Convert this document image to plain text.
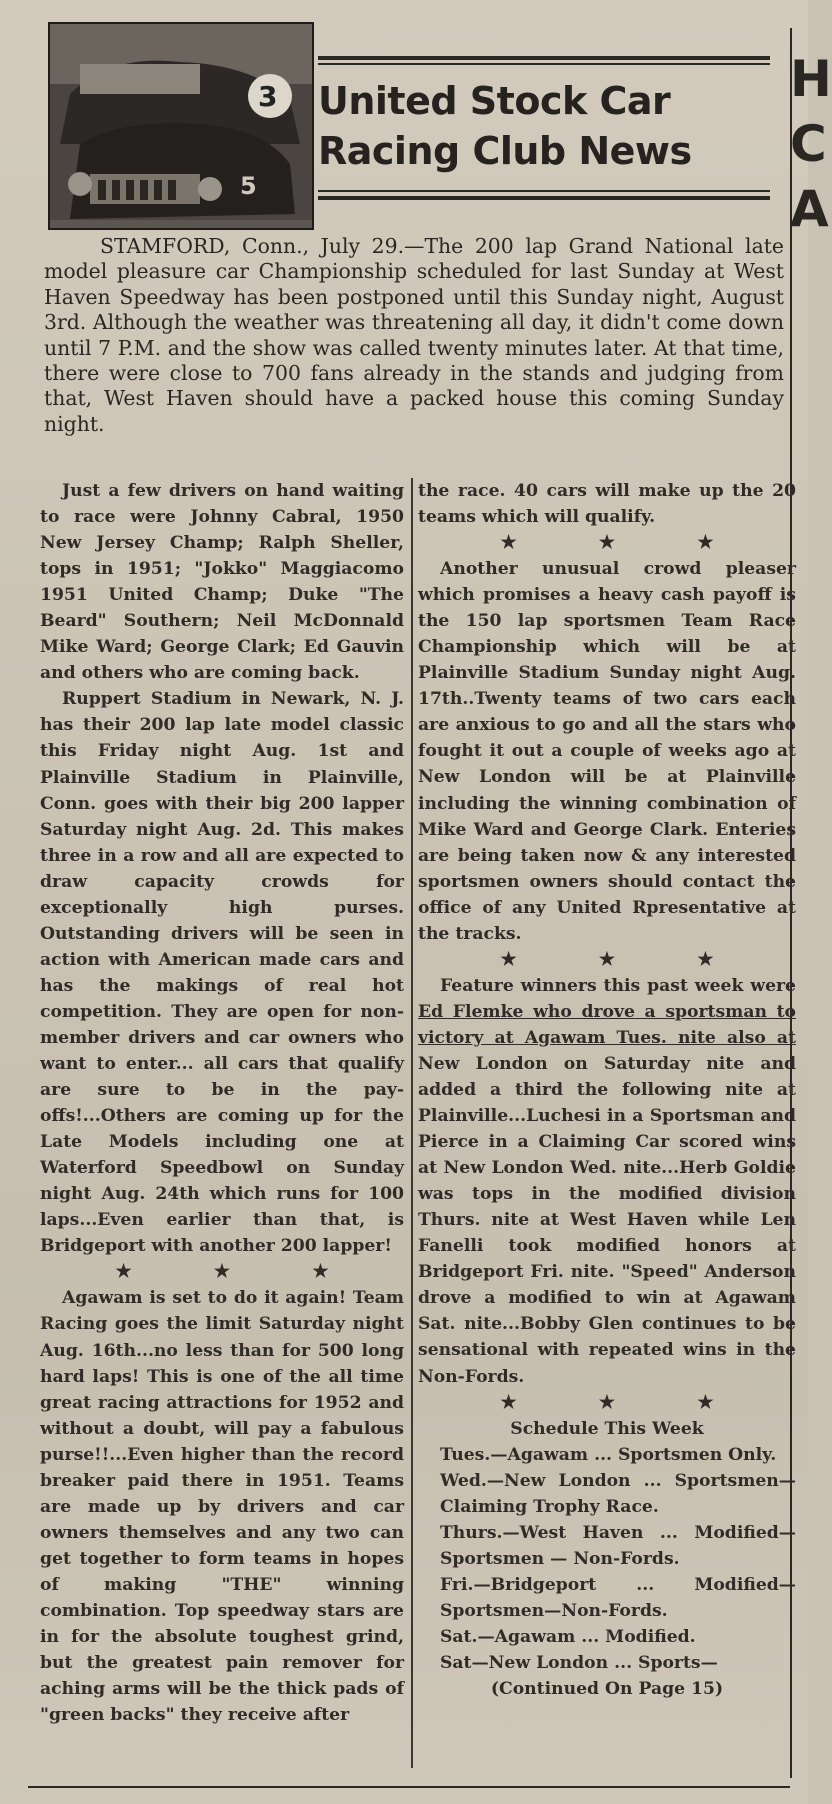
3
5
United Stock Car
Racing Club News
H
C
A

STAMFORD, Conn., July 29.—The 200 lap Grand National late model pleasure car Championship scheduled for last Sunday at West Haven Speedway has been postponed until this Sunday night, August 3rd. Although the weather was threatening all day, it didn't come down until 7 P.M. and the show was called twenty minutes later. At that time, there were close to 700 fans already in the stands and judging from that, West Haven should have a packed house this coming Sunday night.

Just a few drivers on hand waiting to race were Johnny Cabral, 1950 New Jersey Champ; Ralph Sheller, tops in 1951; "Jokko" Maggiacomo 1951 United Champ; Duke "The Beard" Southern; Neil McDonnald Mike Ward; George Clark; Ed Gauvin and others who are coming back.

Ruppert Stadium in Newark, N. J. has their 200 lap late model classic this Friday night Aug. 1st and Plainville Stadium in Plainville, Conn. goes with their big 200 lapper Saturday night Aug. 2d. This makes three in a row and all are expected to draw capacity crowds for exceptionally high purses. Outstanding drivers will be seen in action with American made cars and has the makings of real hot competition. They are open for non-member drivers and car owners who want to enter... all cars that qualify are sure to be in the pay-offs!...Others are coming up for the Late Models including one at Waterford Speedbowl on Sunday night Aug. 24th which runs for 100 laps...Even earlier than that, is Bridgeport with another 200 lapper!

★ ★ ★

Agawam is set to do it again! Team Racing goes the limit Saturday night Aug. 16th...no less than for 500 long hard laps! This is one of the all time great racing attractions for 1952 and without a doubt, will pay a fabulous purse!!...Even higher than the record breaker paid there in 1951. Teams are made up by drivers and car owners themselves and any two can get together to form teams in hopes of making "THE" winning combination. Top speedway stars are in for the absolute toughest grind, but the greatest pain remover for aching arms will be the thick pads of "green backs" they receive after

the race. 40 cars will make up the 20 teams which will qualify.

★ ★ ★

Another unusual crowd pleaser which promises a heavy cash payoff is the 150 lap sportsmen Team Race Championship which will be at Plainville Stadium Sunday night Aug. 17th..Twenty teams of two cars each are anxious to go and all the stars who fought it out a couple of weeks ago at New London will be at Plainville including the winning combination of Mike Ward and George Clark. Enteries are being taken now & any interested sportsmen owners should contact the office of any United Rpresentative at the tracks.

★ ★ ★

Feature winners this past week were Ed Flemke who drove a sportsman to victory at Agawam Tues. nite also at New London on Saturday nite and added a third the following nite at Plainville...Luchesi in a Sportsman and Pierce in a Claiming Car scored wins at New London Wed. nite...Herb Goldie was tops in the modified division Thurs. nite at West Haven while Len Fanelli took modified honors at Bridgeport Fri. nite. "Speed" Anderson drove a modified to win at Agawam Sat. nite...Bobby Glen continues to be sensational with repeated wins in the Non-Fords.

★ ★ ★

Schedule This Week

Tues.—Agawam ... Sportsmen Only.

Wed.—New London ... Sportsmen—Claiming Trophy Race.

Thurs.—West Haven ... Modified—Sportsmen — Non-Fords.

Fri.—Bridgeport ... Modified—Sportsmen—Non-Fords.

Sat.—Agawam ... Modified.

Sat—New London ... Sports—

(Continued On Page 15)
